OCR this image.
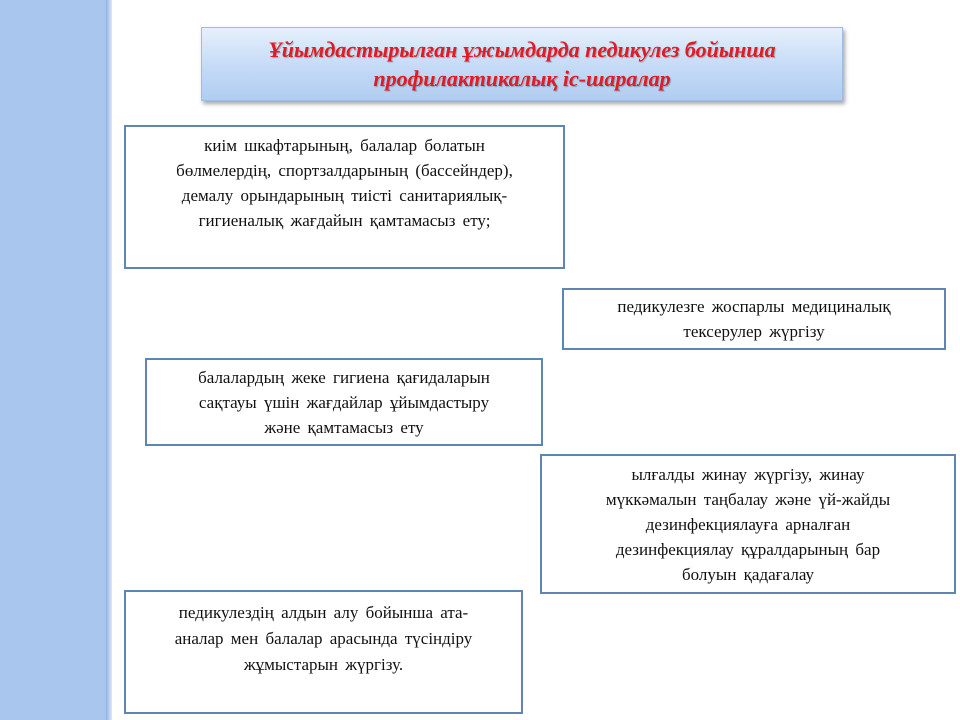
Ұйымдастырылған ұжымдарда педикулез бойынша
профилактикалық іс-шаралар
киім шкафтарының, балалар болатын
бөлмелердің, спортзалдарының (бассейндер),
демалу орындарының тиісті санитариялық-
гигиеналық жағдайын қамтамасыз ету;
педикулезге жоспарлы медициналық
тексерулер жүргізу
балалардың жеке гигиена қағидаларын
сақтауы үшін жағдайлар ұйымдастыру
және қамтамасыз ету
ылғалды жинау жүргізу, жинау
мүккәмалын таңбалау және үй-жайды
дезинфекциялауға арналған
дезинфекциялау құралдарының бар
болуын қадағалау
педикулездің алдын алу бойынша ата-
аналар мен балалар арасында түсіндіру
жұмыстарын жүргізу.
